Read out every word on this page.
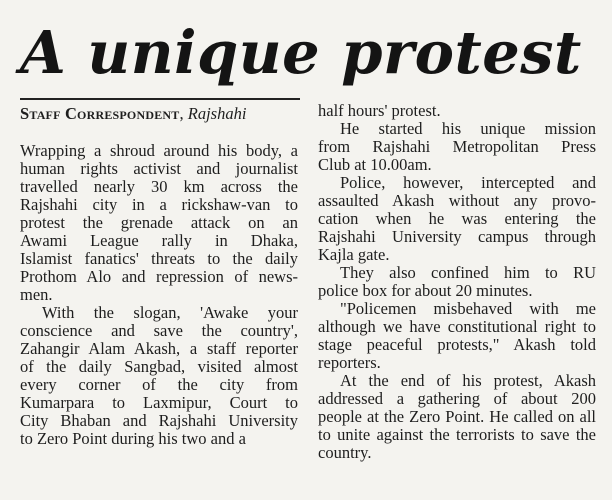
A unique protest
Staff Correspondent, Rajshahi
Wrapping a shroud around his body, a
human rights activist and journalist
travelled nearly 30 km across the
Rajshahi city in a rickshaw-van to
protest the grenade attack on an
Awami League rally in Dhaka,
Islamist fanatics' threats to the daily
Prothom Alo and repression of news-
men.
With the slogan, 'Awake your
conscience and save the country',
Zahangir Alam Akash, a staff reporter
of the daily Sangbad, visited almost
every corner of the city from
Kumarpara to Laxmipur, Court to
City Bhaban and Rajshahi University
to Zero Point during his two and a
half hours' protest.
He started his unique mission
from Rajshahi Metropolitan Press
Club at 10.00am.
Police, however, intercepted and
assaulted Akash without any provo-
cation when he was entering the
Rajshahi University campus through
Kajla gate.
They also confined him to RU
police box for about 20 minutes.
"Policemen misbehaved with me
although we have constitutional right to
stage peaceful protests," Akash told
reporters.
At the end of his protest, Akash
addressed a gathering of about 200
people at the Zero Point. He called on all
to unite against the terrorists to save the
country.
